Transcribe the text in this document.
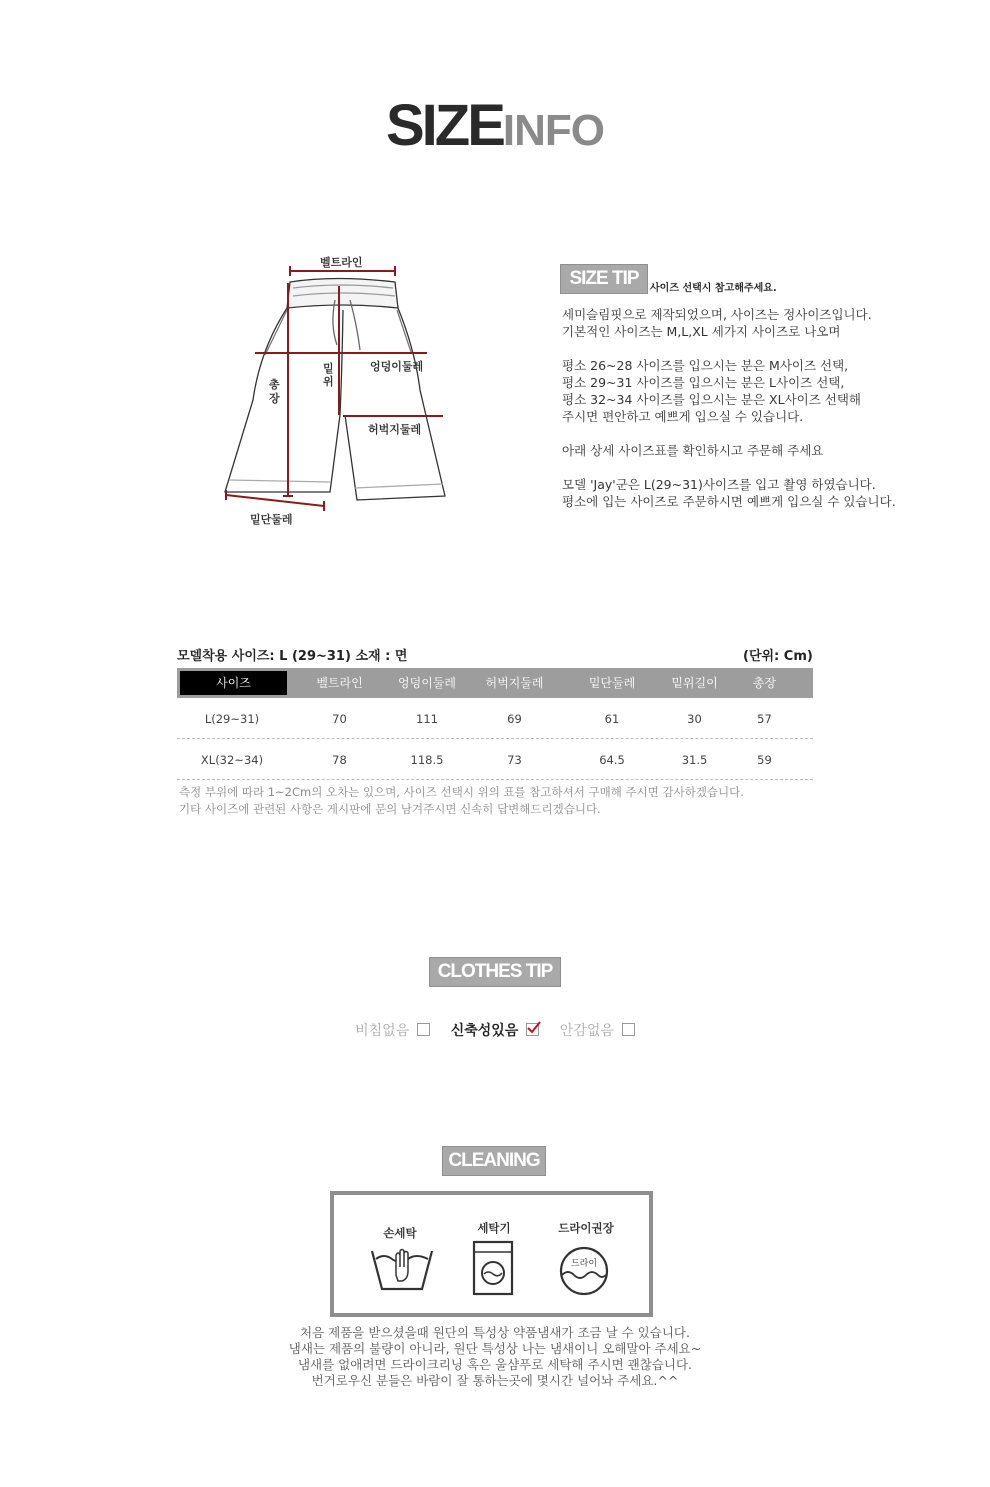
SIZEINFO
벨트라인
총
장
밑
위
엉덩이둘레
허벅지둘레
밑단둘레
SIZE TIP	사이즈 선택시 참고해주세요.

세미슬림핏으로 제작되었으며, 사이즈는 정사이즈입니다.

기본적인 사이즈는 M,L,XL 세가지 사이즈로 나오며

평소 26~28 사이즈를 입으시는 분은 M사이즈 선택,

평소 29~31 사이즈를 입으시는 분은 L사이즈 선택,

평소 32~34 사이즈를 입으시는 분은 XL사이즈 선택해

주시면 편안하고 예쁘게 입으실 수 있습니다.

아래 상세 사이즈표를 확인하시고 주문해 주세요

모델 'Jay'군은 L(29~31)사이즈를 입고 촬영 하였습니다.

평소에 입는 사이즈로 주문하시면 예쁘게 입으실 수 있습니다.

모델착용 사이즈: L (29~31) 소재 : 면	(단위: Cm)
사이즈	벨트라인	엉덩이둘레	허벅지둘레	밑단둘레	밑위길이	총장
L(29~31)	70	111	69	61	30	57
XL(32~34)	78	118.5	73	64.5	31.5	59

측정 부위에 따라 1~2Cm의 오차는 있으며, 사이즈 선택시 위의 표를 참고하셔서 구매해 주시면 감사하겠습니다.

기타 사이즈에 관련된 사항은 게시판에 문의 남겨주시면 신속히 답변해드리겠습니다.

CLOTHES TIP
비침없음	신축성있음	안감없음
CLEANING
손세탁	세탁기	드라이권장
드라이

처음 제품을 받으셨을때 원단의 특성상 약품냄새가 조금 날 수 있습니다.

냄새는 제품의 불량이 아니라, 원단 특성상 나는 냄새이니 오해말아 주세요~

냄새를 없애려면 드라이크리닝 혹은 울샴푸로 세탁해 주시면 괜찮습니다.

번거로우신 분들은 바람이 잘 통하는곳에 몇시간 널어놔 주세요.^^
